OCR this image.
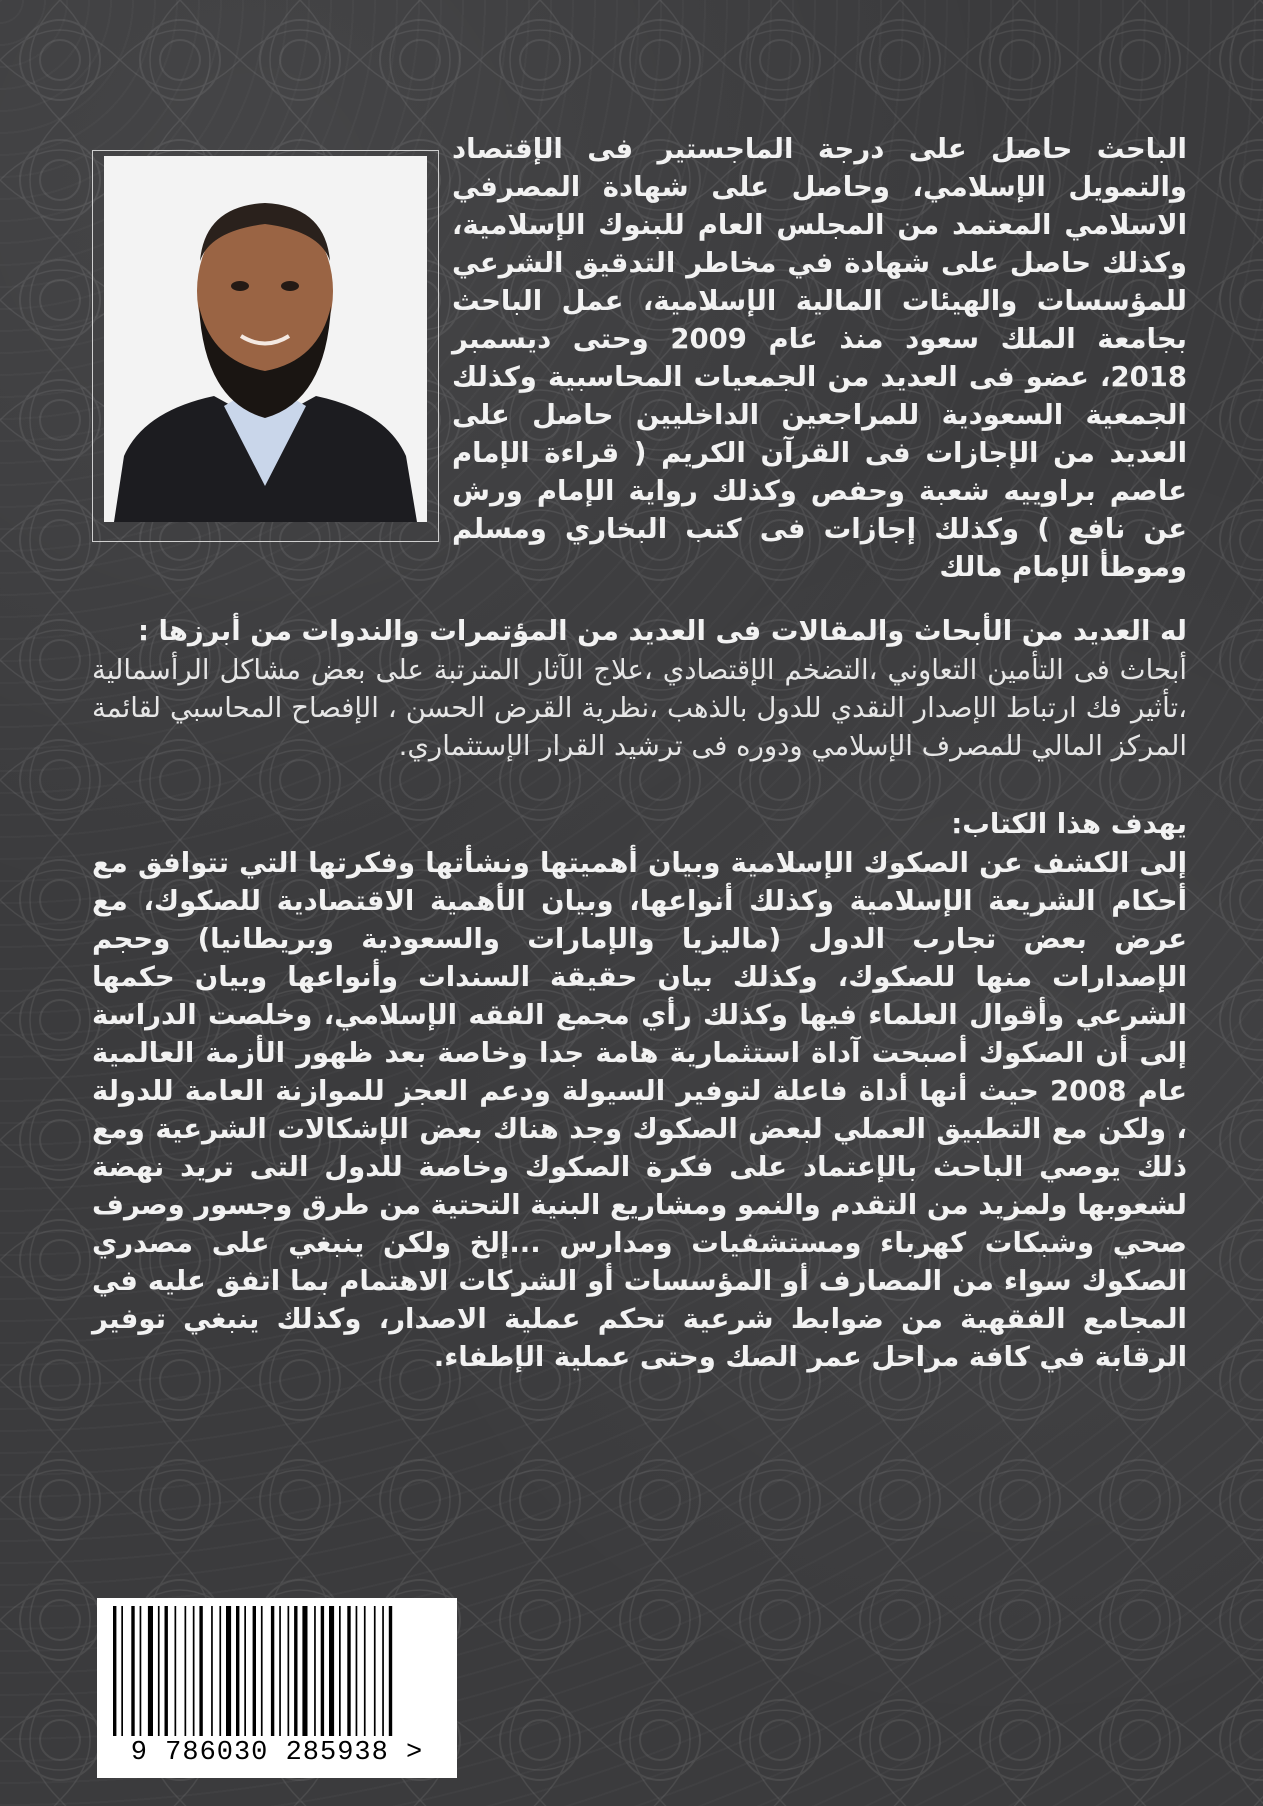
الباحث حاصل على درجة الماجستير فى الإقتصاد والتمويل الإسلامي، وحاصل على شهادة المصرفي الاسلامي المعتمد من المجلس العام للبنوك الإسلامية، وكذلك حاصل على شهادة في مخاطر التدقيق الشرعي للمؤسسات والهيئات المالية الإسلامية، عمل الباحث بجامعة الملك سعود منذ عام 2009 وحتى ديسمبر 2018، عضو فى العديد من الجمعيات المحاسبية وكذلك الجمعية السعودية للمراجعين الداخليين حاصل على العديد من الإجازات فى القرآن الكريم ( قراءة الإمام عاصم براوييه شعبة وحفص وكذلك رواية الإمام ورش عن نافع ) وكذلك إجازات فى كتب البخاري ومسلم وموطأ الإمام مالك

له العديد من الأبحاث والمقالات فى العديد من المؤتمرات والندوات من أبرزها :
أبحاث فى التأمين التعاوني ،التضخم الإقتصادي ،علاج الآثار المترتبة على بعض مشاكل الرأسمالية ،تأثير فك ارتباط الإصدار النقدي للدول بالذهب ،نظرية القرض الحسن ، الإفصاح المحاسبي لقائمة المركز المالي للمصرف الإسلامي ودوره فى ترشيد القرار الإستثماري.
يهدف هذا الكتاب:
إلى الكشف عن الصكوك الإسلامية وبيان أهميتها ونشأتها وفكرتها التي تتوافق مع أحكام الشريعة الإسلامية وكذلك أنواعها، وبيان الأهمية الاقتصادية للصكوك، مع عرض بعض تجارب الدول (ماليزيا والإمارات والسعودية وبريطانيا) وحجم الإصدارات منها للصكوك، وكذلك بيان حقيقة السندات وأنواعها وبيان حكمها الشرعي وأقوال العلماء فيها وكذلك رأي مجمع الفقه الإسلامي، وخلصت الدراسة إلى أن الصكوك أصبحت آداة استثمارية هامة جدا وخاصة بعد ظهور الأزمة العالمية عام 2008 حيث أنها أداة فاعلة لتوفير السيولة ودعم العجز للموازنة العامة للدولة ، ولكن مع التطبيق العملي لبعض الصكوك وجد هناك بعض الإشكالات الشرعية ومع ذلك يوصي الباحث بالإعتماد على فكرة الصكوك وخاصة للدول التى تريد نهضة لشعوبها ولمزيد من التقدم والنمو ومشاريع البنية التحتية من طرق وجسور وصرف صحي وشبكات كهرباء ومستشفيات ومدارس ...إلخ ولكن ينبغي على مصدري الصكوك سواء من المصارف أو المؤسسات أو الشركات الاهتمام بما اتفق عليه في المجامع الفقهية من ضوابط شرعية تحكم عملية الاصدار، وكذلك ينبغي توفير الرقابة في كافة مراحل عمر الصك وحتى عملية الإطفاء.
9 786030 285938 >
